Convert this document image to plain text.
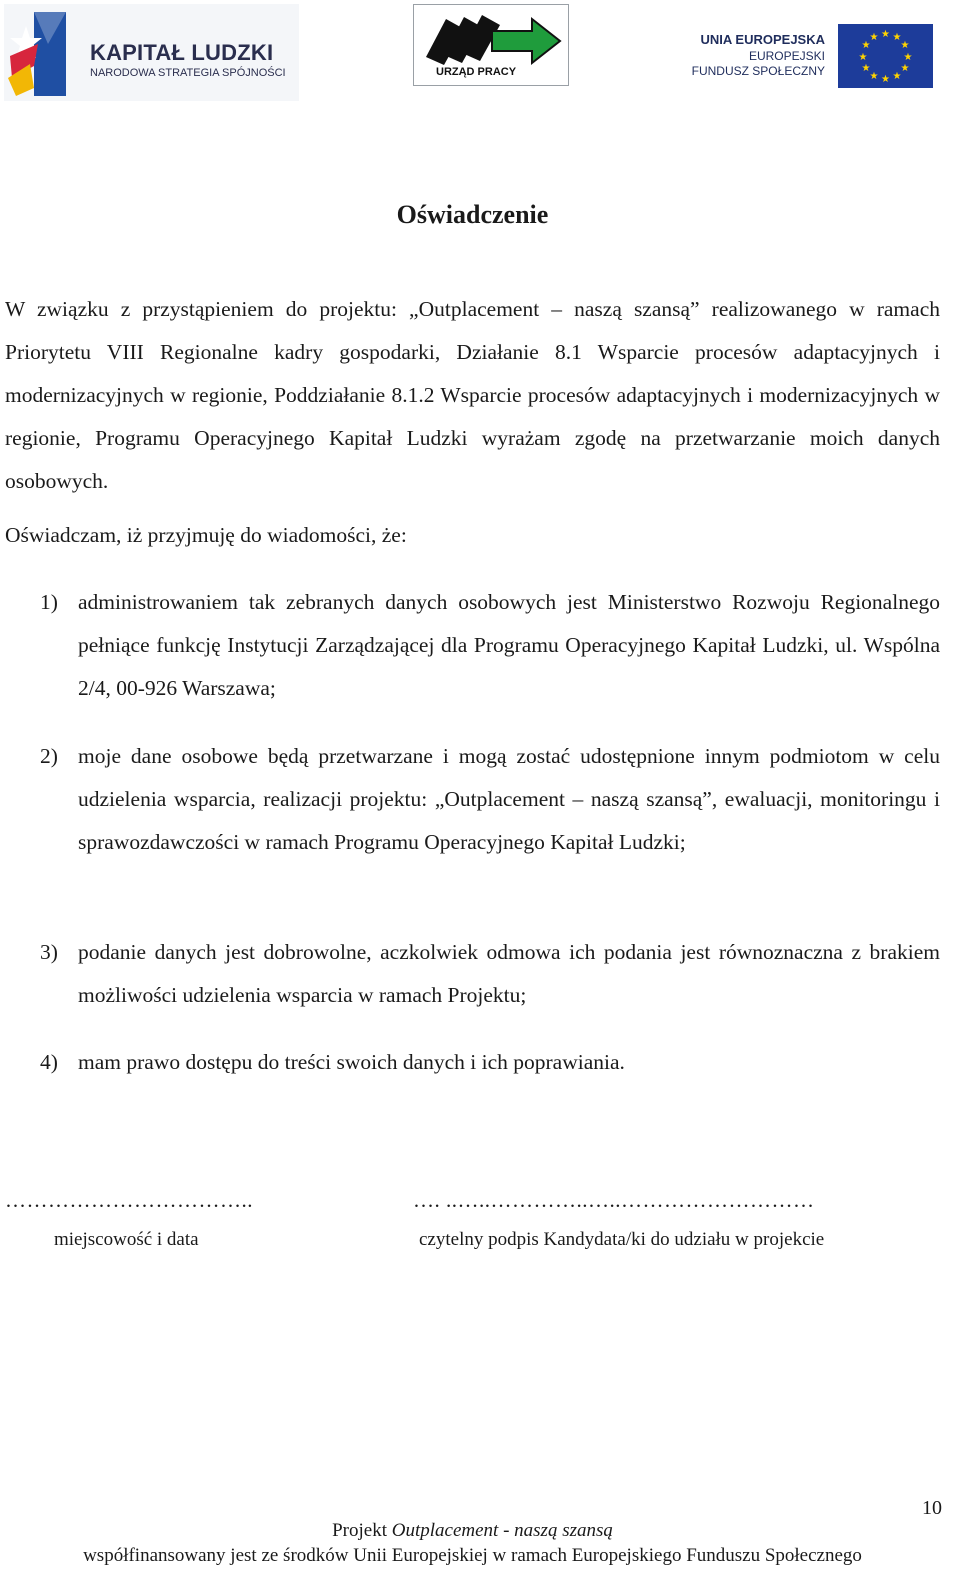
KAPITAŁ LUDZKI
NARODOWA STRATEGIA SPÓJNOŚCI	URZĄD PRACY
UNIA EUROPEJSKA
EUROPEJSKI
FUNDUSZ SPOŁECZNY
★ ★
★
★
★
★
★
★
★
★
★
★
Oświadczenie

W związku z przystąpieniem do projektu: „Outplacement – naszą szansą” realizowanego w ramach Priorytetu VIII Regionalne kadry gospodarki, Działanie 8.1 Wsparcie procesów adaptacyjnych i modernizacyjnych w regionie, Poddziałanie 8.1.2 Wsparcie procesów adaptacyjnych i modernizacyjnych w regionie, Programu Operacyjnego Kapitał Ludzki wyrażam zgodę na przetwarzanie moich danych osobowych.

Oświadczam, iż przyjmuję do wiadomości, że:

1) administrowaniem tak zebranych danych osobowych jest Ministerstwo Rozwoju Regionalnego pełniące funkcję Instytucji Zarządzającej dla Programu Operacyjnego Kapitał Ludzki, ul. Wspólna 2/4, 00-926 Warszawa;

2) moje dane osobowe będą przetwarzane i mogą zostać udostępnione innym podmiotom w celu udzielenia wsparcia, realizacji projektu: „Outplacement – naszą szansą”, ewaluacji, monitoringu i sprawozdawczości w ramach Programu Operacyjnego Kapitał Ludzki;

3) podanie danych jest dobrowolne, aczkolwiek odmowa ich podania jest równoznaczna z brakiem możliwości udzielenia wsparcia w ramach Projektu;

4) mam prawo dostępu do treści swoich danych i ich poprawiania.

……………………………..	…. ..…..…………..…..………………………
miejscowość i data	czytelny podpis Kandydata/ki do udziału w projekcie
10
Projekt Outplacement - naszą szansą
współfinansowany jest ze środków Unii Europejskiej w ramach Europejskiego Funduszu Społecznego
